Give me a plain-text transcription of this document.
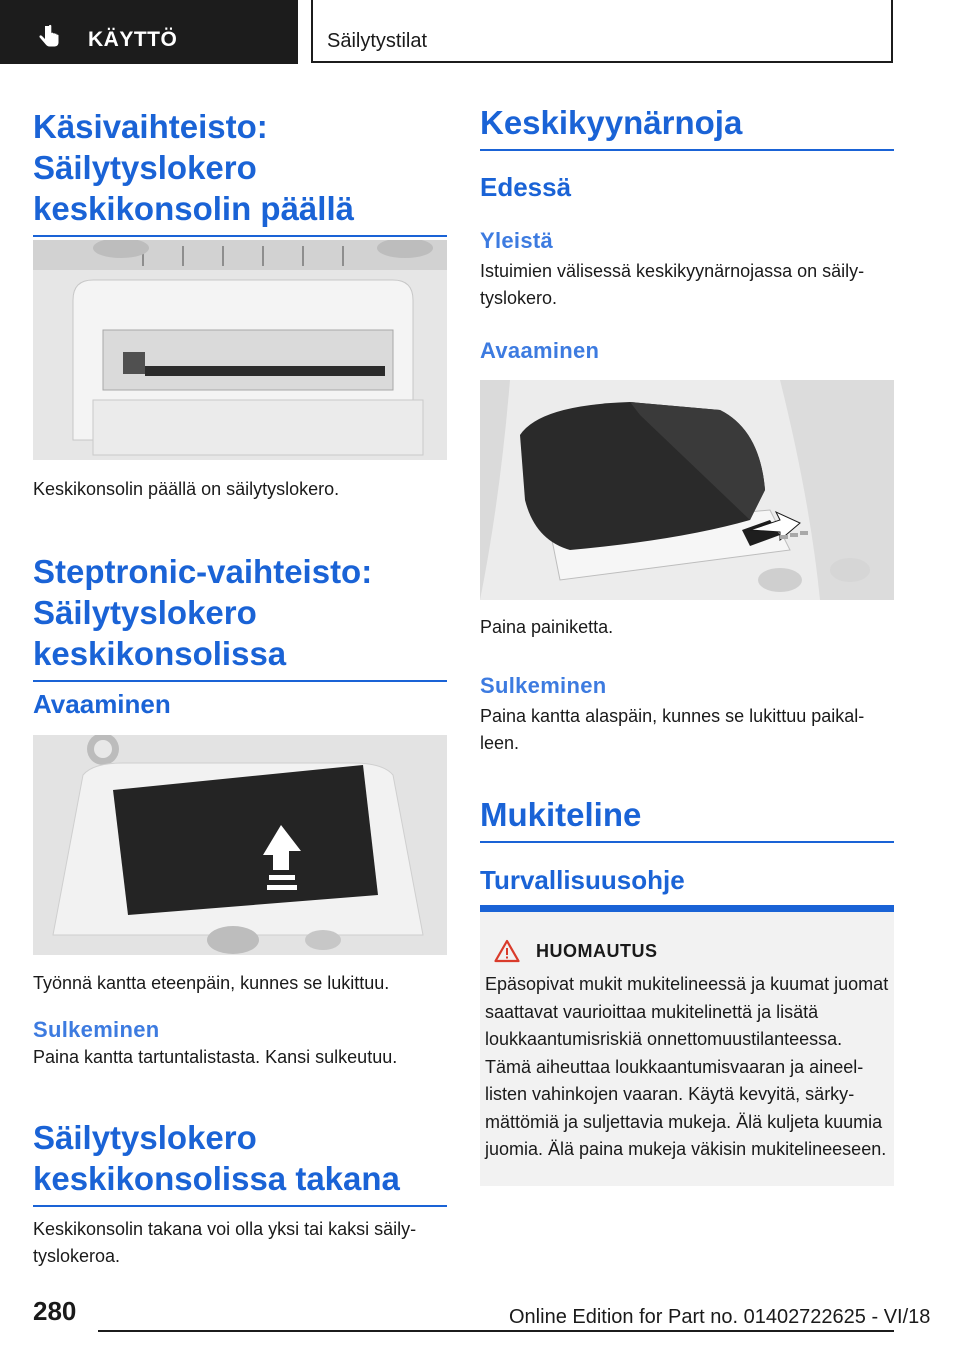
KÄYTTÖ	Säilytystilat
Käsivaihteisto: Säilytyslokero keskikonsolin päällä

Keskikonsolin päällä on säilytyslokero.

Steptronic-vaihteisto: Säilytyslokero keskikonsolissa
Avaaminen

Työnnä kantta eteenpäin, kunnes se lukittuu.

Sulkeminen

Paina kantta tartuntalistasta. Kansi sulkeutuu.

Säilytyslokero keskikonsolissa takana

Keskikonsolin takana voi olla yksi tai kaksi säilytyslokeroa.

Keskikyynärnoja
Edessä
Yleistä

Istuimien välisessä keskikyynärnojassa on säilytyslokero.

Avaaminen

Paina painiketta.

Sulkeminen

Paina kantta alaspäin, kunnes se lukittuu paikalleen.

Mukiteline
Turvallisuusohje
HUOMAUTUS

Epäsopivat mukit mukitelineessä ja kuumat juomat saattavat vaurioittaa mukitelinettä ja lisätä loukkaantumisriskiä onnettomuustilanteessa. Tämä aiheuttaa loukkaantumisvaaran ja aineellisten vahinkojen vaaran. Käytä kevyitä, särkymättömiä ja suljettavia mukeja. Älä kuljeta kuumia juomia. Älä paina mukeja väkisin mukitelineeseen.

280	Online Edition for Part no. 01402722625 - VI/18
